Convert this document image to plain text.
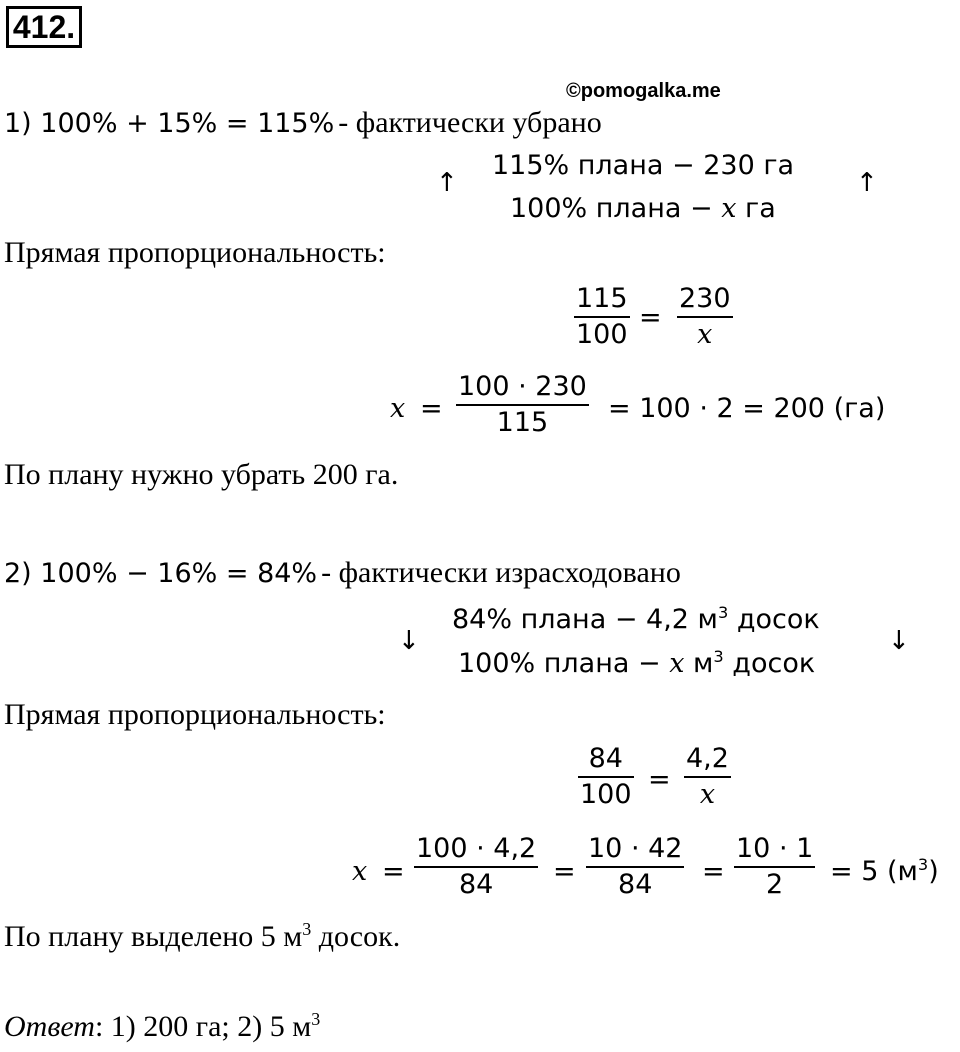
412.
©pomogalka.me
1) 100% + 15% = 115% - фактически убрано
↑	↑
115% плана − 230 га
100% плана − x га
Прямая пропорциональность:
115
100
=
230
x
x =
100 · 230
115 = 100 · 2 = 200 (га)
По плану нужно убрать 200 га.
2) 100% − 16% = 84% - фактически израсходовано
↓	↓
84% плана − 4,2 $м^3$ досок
100% плана − x $м^3$ досок
Прямая пропорциональность:
84
100 =
4,2
x
x =
100 · 4,2
84 =
10 · 42
84 =
10 · 1
2 = 5 $(м^3)$
По плану выделено 5 $м^3$ досок.
Ответ: 1) 200 га; 2) 5 $м^3$
